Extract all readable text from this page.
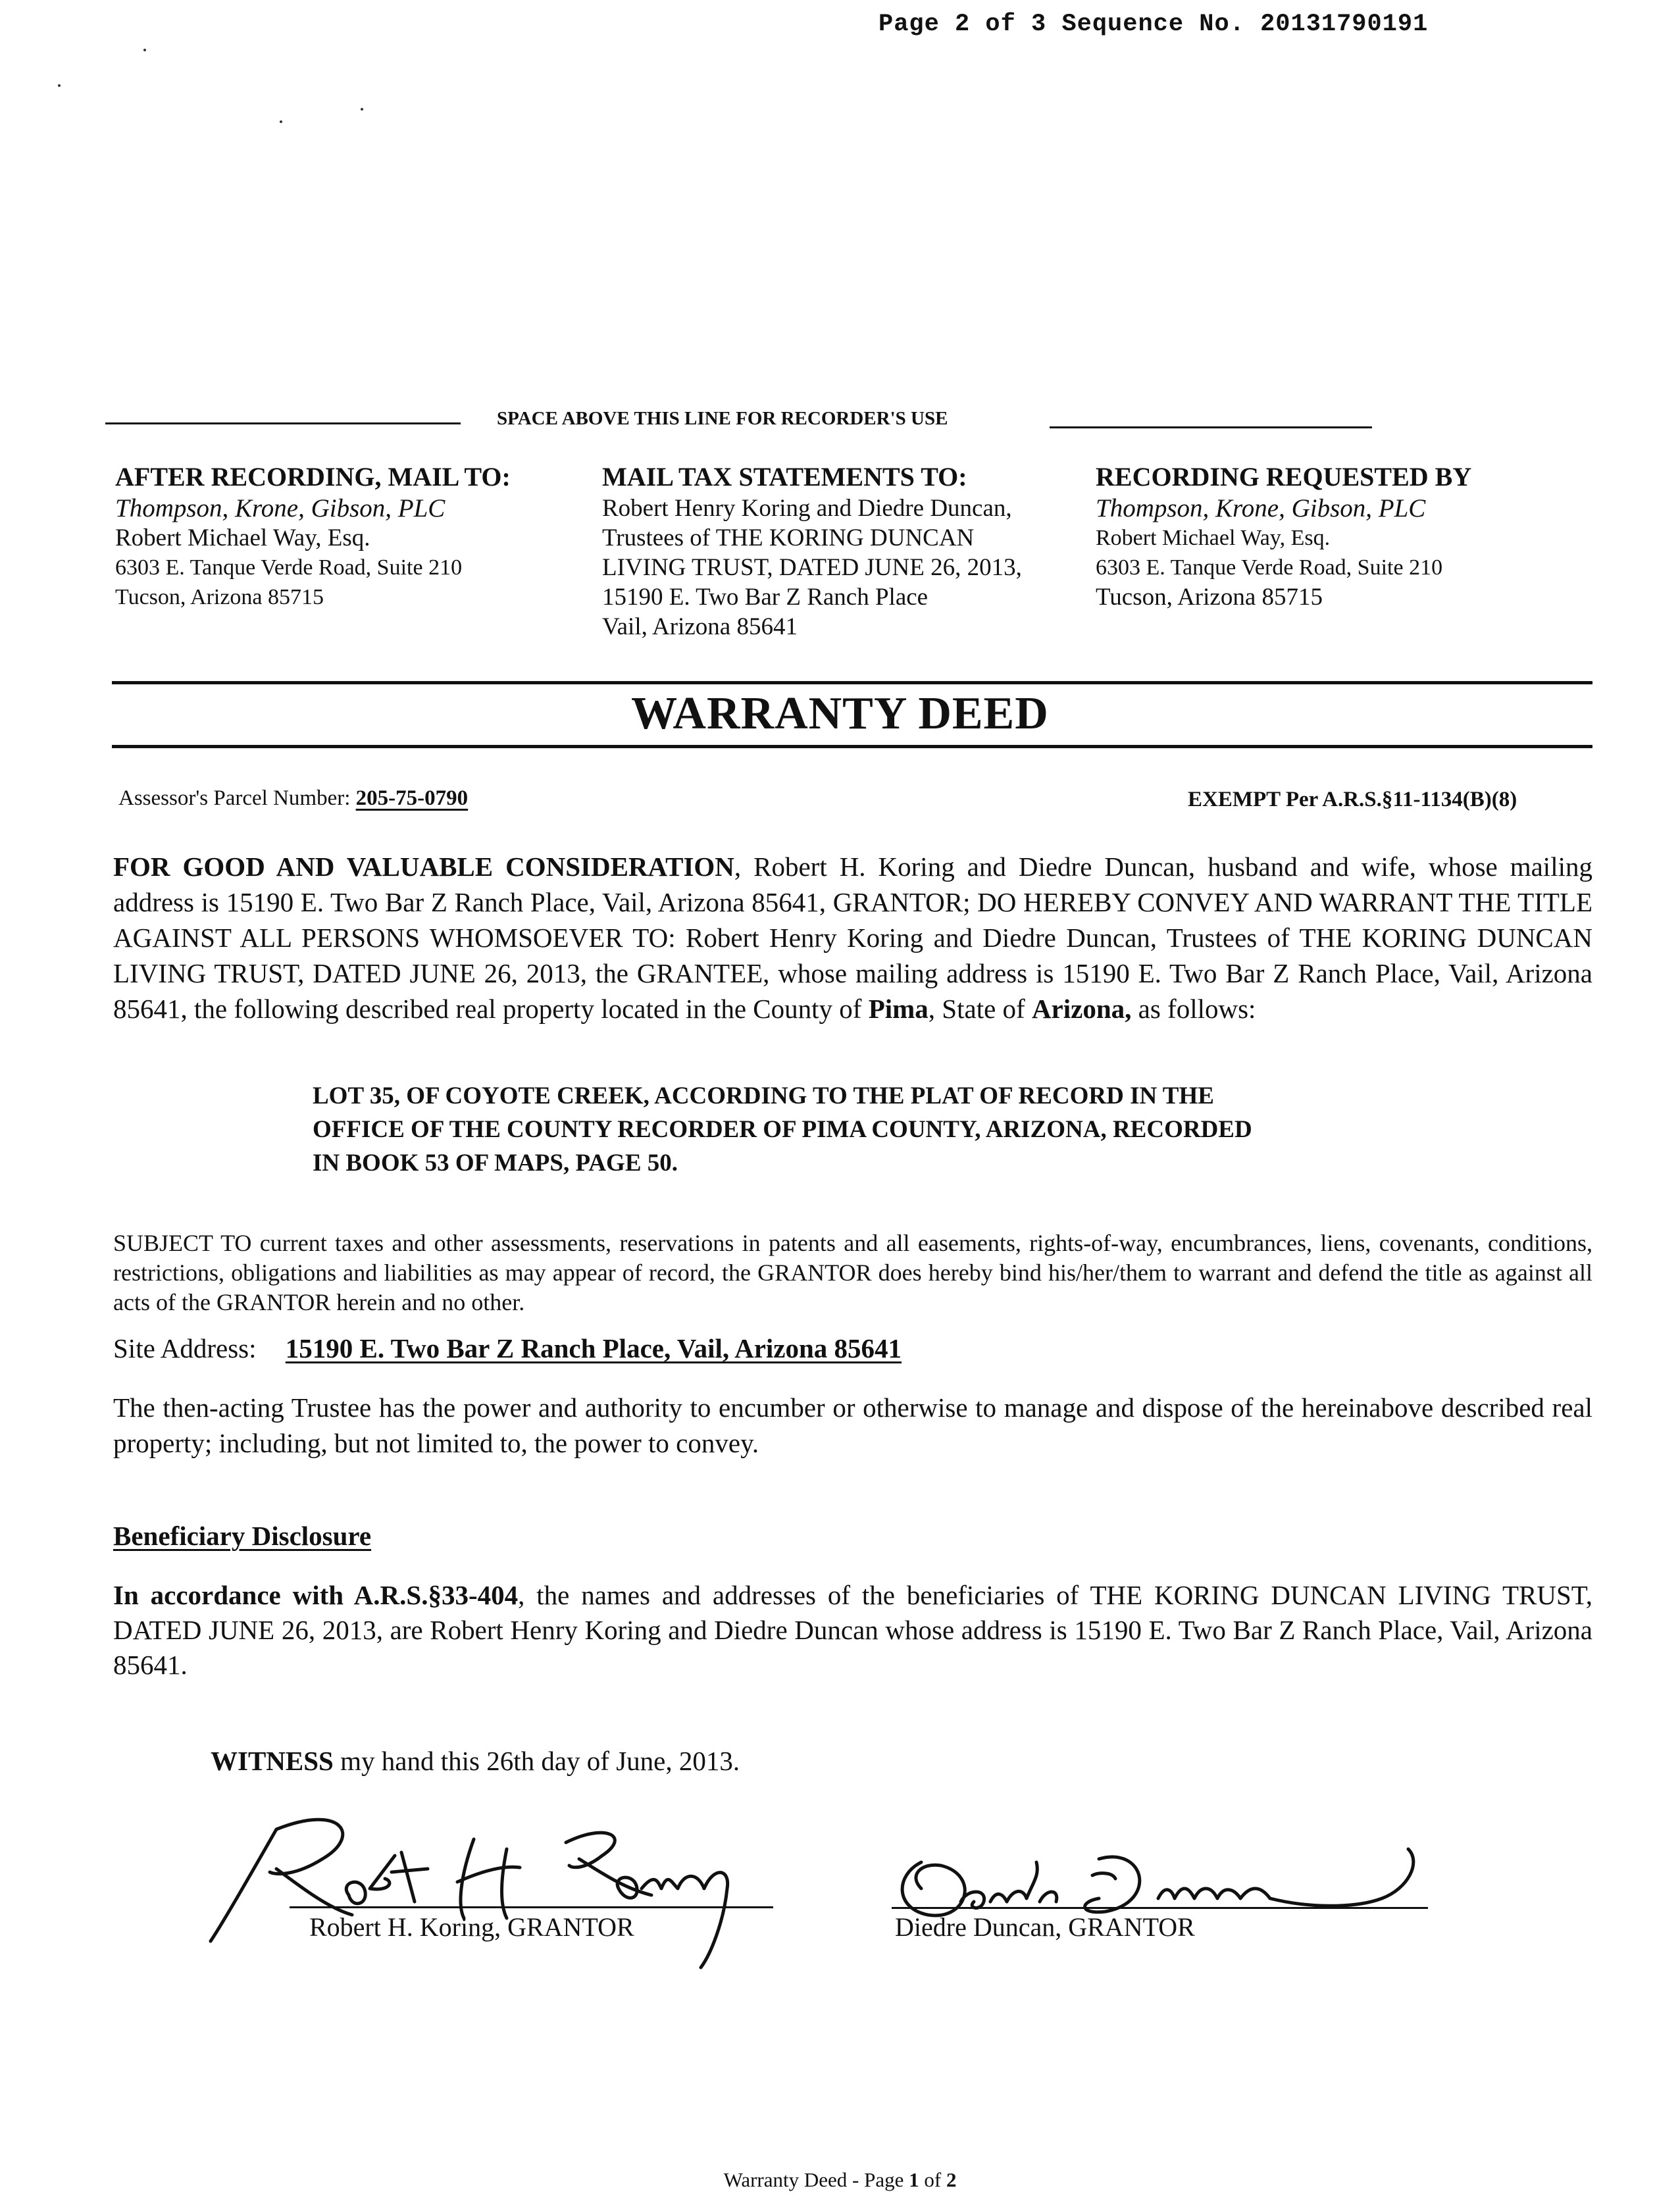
Page 2 of 3 Sequence No. 20131790191
SPACE ABOVE THIS LINE FOR RECORDER'S USE
AFTER RECORDING, MAIL TO:
Thompson, Krone, Gibson, PLC
Robert Michael Way, Esq.
6303 E. Tanque Verde Road, Suite 210
Tucson, Arizona 85715
MAIL TAX STATEMENTS TO:
Robert Henry Koring and Diedre Duncan,
Trustees of THE KORING DUNCAN
LIVING TRUST, DATED JUNE 26, 2013,
15190 E. Two Bar Z Ranch Place
Vail, Arizona 85641
RECORDING REQUESTED BY
Thompson, Krone, Gibson, PLC
Robert Michael Way, Esq.
6303 E. Tanque Verde Road, Suite 210
Tucson, Arizona 85715
WARRANTY DEED
Assessor's Parcel Number: 205-75-0790	EXEMPT Per A.R.S.§11-1134(B)(8)
FOR GOOD AND VALUABLE CONSIDERATION, Robert H. Koring and Diedre Duncan, husband and wife, whose mailing address is 15190 E. Two Bar Z Ranch Place, Vail, Arizona 85641, GRANTOR; DO HEREBY CONVEY AND WARRANT THE TITLE AGAINST ALL PERSONS WHOMSOEVER TO: Robert Henry Koring and Diedre Duncan, Trustees of THE KORING DUNCAN LIVING TRUST, DATED JUNE 26, 2013, the GRANTEE, whose mailing address is 15190 E. Two Bar Z Ranch Place, Vail, Arizona 85641, the following described real property located in the County of Pima, State of Arizona, as follows:
LOT 35, OF COYOTE CREEK, ACCORDING TO THE PLAT OF RECORD IN THE
OFFICE OF THE COUNTY RECORDER OF PIMA COUNTY, ARIZONA, RECORDED
IN BOOK 53 OF MAPS, PAGE 50.
SUBJECT TO current taxes and other assessments, reservations in patents and all easements, rights-of-way, encumbrances, liens, covenants, conditions, restrictions, obligations and liabilities as may appear of record, the GRANTOR does hereby bind his/her/them to warrant and defend the title as against all acts of the GRANTOR herein and no other.
Site Address: 15190 E. Two Bar Z Ranch Place, Vail, Arizona 85641
The then-acting Trustee has the power and authority to encumber or otherwise to manage and dispose of the hereinabove described real property; including, but not limited to, the power to convey.
Beneficiary Disclosure
In accordance with A.R.S.§33-404, the names and addresses of the beneficiaries of THE KORING DUNCAN LIVING TRUST, DATED JUNE 26, 2013, are Robert Henry Koring and Diedre Duncan whose address is 15190 E. Two Bar Z Ranch Place, Vail, Arizona 85641.
WITNESS my hand this 26th day of June, 2013.
Robert H. Koring, GRANTOR	Diedre Duncan, GRANTOR
Warranty Deed - Page 1 of 2
